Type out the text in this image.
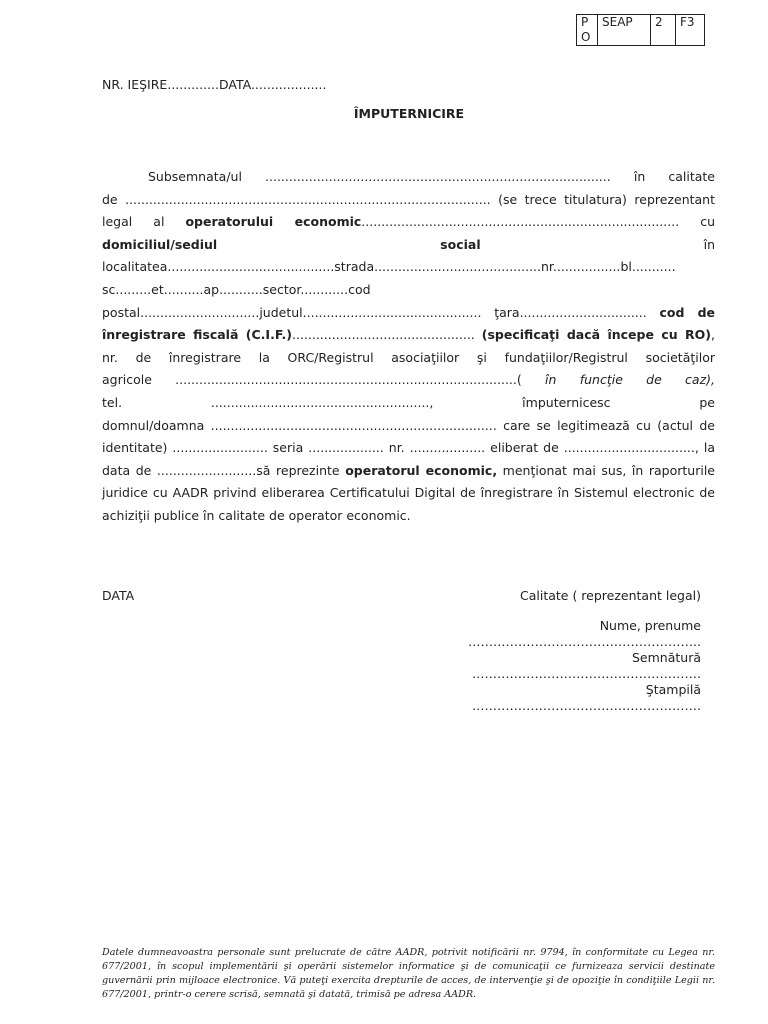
P O	SEAP	2	F3
NR. IEŞIRE.............DATA...................
ÎMPUTERNICIRE
Subsemnata/ul ....................................................................................... în calitate
de ............................................................................................ (se trece titulatura) reprezentant
legal al operatorului economic................................................................................ cu
domiciliul/sediul	social	în
localitatea..........................................strada..........................................nr.................bl...........
sc.........et..........ap...........sector............cod
postal..............................judetul............................................. ţara................................ cod de
înregistrare fiscală (C.I.F.).............................................. (specificaţi dacă începe cu RO),
nr. de înregistrare la ORC/Registrul asociaţiilor şi fundaţiilor/Registrul societăţilor
agricole ......................................................................................( în funcţie de caz),
tel. ......................................................., împuternicesc pe
domnul/doamna ........................................................................ care se legitimează cu (actul de
identitate) ........................ seria ................... nr. ................... eliberat de ................................., la
data de .........................să reprezinte operatorul economic, menţionat mai sus, în raporturile
juridice cu AADR privind eliberarea Certificatului Digital de înregistrare în Sistemul electronic de
achiziţii publice în calitate de operator economic.
DATA	Calitate ( reprezentant legal)
Nume, prenume
………………………………………………..
Semnătură
……………………………………………….
Ştampilă
……………………………………………….
Datele dumneavoastra personale sunt prelucrate de către AADR, potrivit notificării nr. 9794, în conformitate cu Legea nr. 677/2001, în scopul implementării şi operării sistemelor informatice şi de comunicaţii ce furnizeaza servicii destinate guvernării prin mijloace electronice. Vă puteţi exercita drepturile de acces, de intervenţie şi de opoziţie în condiţiile Legii nr. 677/2001, printr-o cerere scrisă, semnată şi datată, trimisă pe adresa AADR.
